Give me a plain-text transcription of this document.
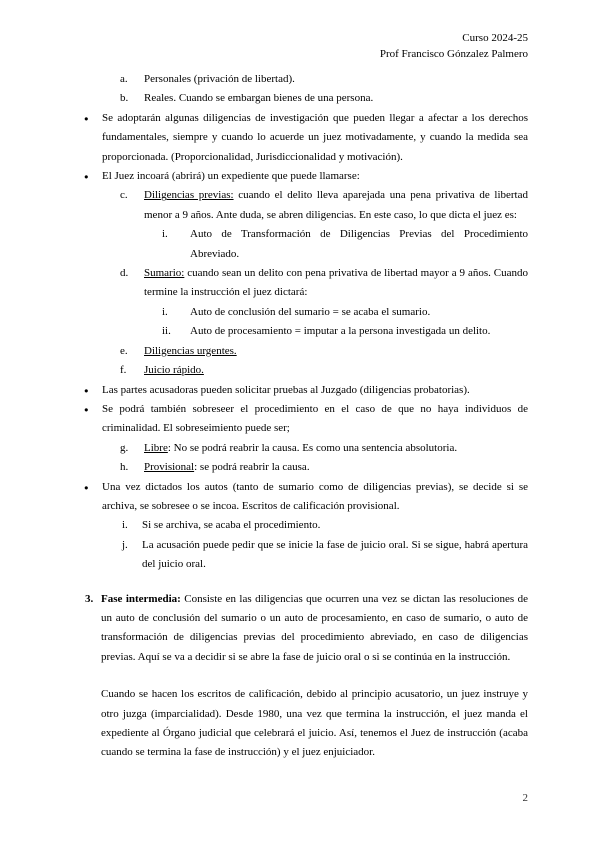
Curso 2024-25
Prof Francisco Gónzalez Palmero
a. Personales (privación de libertad).
b. Reales. Cuando se embargan bienes de una persona.
● Se adoptarán algunas diligencias de investigación que pueden llegar a afectar a los derechos fundamentales, siempre y cuando lo acuerde un juez motivadamente, y cuando la medida sea proporcionada. (Proporcionalidad, Jurisdiccionalidad y motivación).
● El Juez incoará (abrirá) un expediente que puede llamarse:
c. Diligencias previas: cuando el delito lleva aparejada una pena privativa de libertad menor a 9 años. Ante duda, se abren diligencias. En este caso, lo que dicta el juez es:
i. Auto de Transformación de Diligencias Previas del Procedimiento Abreviado.
d. Sumario: cuando sean un delito con pena privativa de libertad mayor a 9 años. Cuando termine la instrucción el juez dictará:
i. Auto de conclusión del sumario = se acaba el sumario.
ii. Auto de procesamiento = imputar a la persona investigada un delito.
e. Diligencias urgentes.
f. Juicio rápido.
● Las partes acusadoras pueden solicitar pruebas al Juzgado (diligencias probatorias).
● Se podrá también sobreseer el procedimiento en el caso de que no haya individuos de criminalidad. El sobreseimiento puede ser;
g. Libre: No se podrá reabrir la causa. Es como una sentencia absolutoria.
h. Provisional: se podrá reabrir la causa.
● Una vez dictados los autos (tanto de sumario como de diligencias previas), se decide si se archiva, se sobresee o se incoa. Escritos de calificación provisional.
i. Si se archiva, se acaba el procedimiento.
j. La acusación puede pedir que se inicie la fase de juicio oral. Si se sigue, habrá apertura del juicio oral.
3. Fase intermedia: Consiste en las diligencias que ocurren una vez se dictan las resoluciones de un auto de conclusión del sumario o un auto de procesamiento, en caso de sumario, o auto de transformación de diligencias previas del procedimiento abreviado, en caso de diligencias previas. Aquí se va a decidir si se abre la fase de juicio oral o si se continúa en la instrucción.
Cuando se hacen los escritos de calificación, debido al principio acusatorio, un juez instruye y otro juzga (imparcialidad). Desde 1980, una vez que termina la instrucción, el juez manda el expediente al Órgano judicial que celebrará el juicio. Así, tenemos el Juez de instrucción (acaba cuando se termina la fase de instrucción) y el juez enjuiciador.
2
